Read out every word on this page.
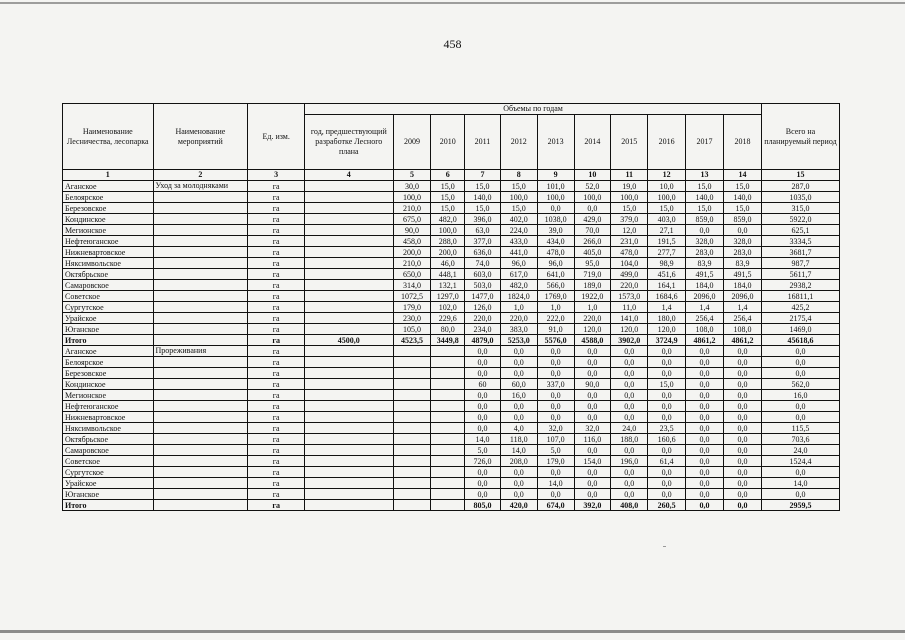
458
Наименование Лесничества, лесопарка	Наименование мероприятий	Ед. изм.	Объемы по годам											Всего на планируемый период
			год, предшествующий разработке Лесного плана	2009	2010	2011	2012	2013	2014	2015	2016	2017	2018	
1	2	3	4	5	6	7	8	9	10	11	12	13	14	15
Аганское	Уход за молодняками	га		30,0	15,0	15,0	15,0	101,0	52,0	19,0	10,0	15,0	15,0	287,0
Белоярское		га		100,0	15,0	140,0	100,0	100,0	100,0	100,0	100,0	140,0	140,0	1035,0
Березовское		га		210,0	15,0	15,0	15,0	0,0	0,0	15,0	15,0	15,0	15,0	315,0
Кондинское		га		675,0	482,0	396,0	402,0	1038,0	429,0	379,0	403,0	859,0	859,0	5922,0
Мегионское		га		90,0	100,0	63,0	224,0	39,0	70,0	12,0	27,1	0,0	0,0	625,1
Нефтеюганское		га		458,0	288,0	377,0	433,0	434,0	266,0	231,0	191,5	328,0	328,0	3334,5
Нижневартовское		га		200,0	200,0	636,0	441,0	478,0	405,0	478,0	277,7	283,0	283,0	3681,7
Няксимвольское		га		210,0	46,0	74,0	96,0	96,0	95,0	104,0	98,9	83,9	83,9	987,7
Октябрьское		га		650,0	448,1	603,0	617,0	641,0	719,0	499,0	451,6	491,5	491,5	5611,7
Самаровское		га		314,0	132,1	503,0	482,0	566,0	189,0	220,0	164,1	184,0	184,0	2938,2
Советское		га		1072,5	1297,0	1477,0	1824,0	1769,0	1922,0	1573,0	1684,6	2096,0	2096,0	16811,1
Сургутское		га		179,0	102,0	126,0	1,0	1,0	1,0	11,0	1,4	1,4	1,4	425,2
Урайское		га		230,0	229,6	220,0	220,0	222,0	220,0	141,0	180,0	256,4	256,4	2175,4
Юганское		га		105,0	80,0	234,0	383,0	91,0	120,0	120,0	120,0	108,0	108,0	1469,0
Итого		га	4500,0	4523,5	3449,8	4879,0	5253,0	5576,0	4588,0	3902,0	3724,9	4861,2	4861,2	45618,6
Аганское	Прореживания	га				0,0	0,0	0,0	0,0	0,0	0,0	0,0	0,0	0,0
Белоярское		га				0,0	0,0	0,0	0,0	0,0	0,0	0,0	0,0	0,0
Березовское		га				0,0	0,0	0,0	0,0	0,0	0,0	0,0	0,0	0,0
Кондинское		га				60	60,0	337,0	90,0	0,0	15,0	0,0	0,0	562,0
Мегионское		га				0,0	16,0	0,0	0,0	0,0	0,0	0,0	0,0	16,0
Нефтеюганское		га				0,0	0,0	0,0	0,0	0,0	0,0	0,0	0,0	0,0
Нижневартовское		га				0,0	0,0	0,0	0,0	0,0	0,0	0,0	0,0	0,0
Няксимвольское		га				0,0	4,0	32,0	32,0	24,0	23,5	0,0	0,0	115,5
Октябрьское		га				14,0	118,0	107,0	116,0	188,0	160,6	0,0	0,0	703,6
Самаровское		га				5,0	14,0	5,0	0,0	0,0	0,0	0,0	0,0	24,0
Советское		га				726,0	208,0	179,0	154,0	196,0	61,4	0,0	0,0	1524,4
Сургутское		га				0,0	0,0	0,0	0,0	0,0	0,0	0,0	0,0	0,0
Урайское		га				0,0	0,0	14,0	0,0	0,0	0,0	0,0	0,0	14,0
Юганское		га				0,0	0,0	0,0	0,0	0,0	0,0	0,0	0,0	0,0
Итого		га				805,0	420,0	674,0	392,0	408,0	260,5	0,0	0,0	2959,5
